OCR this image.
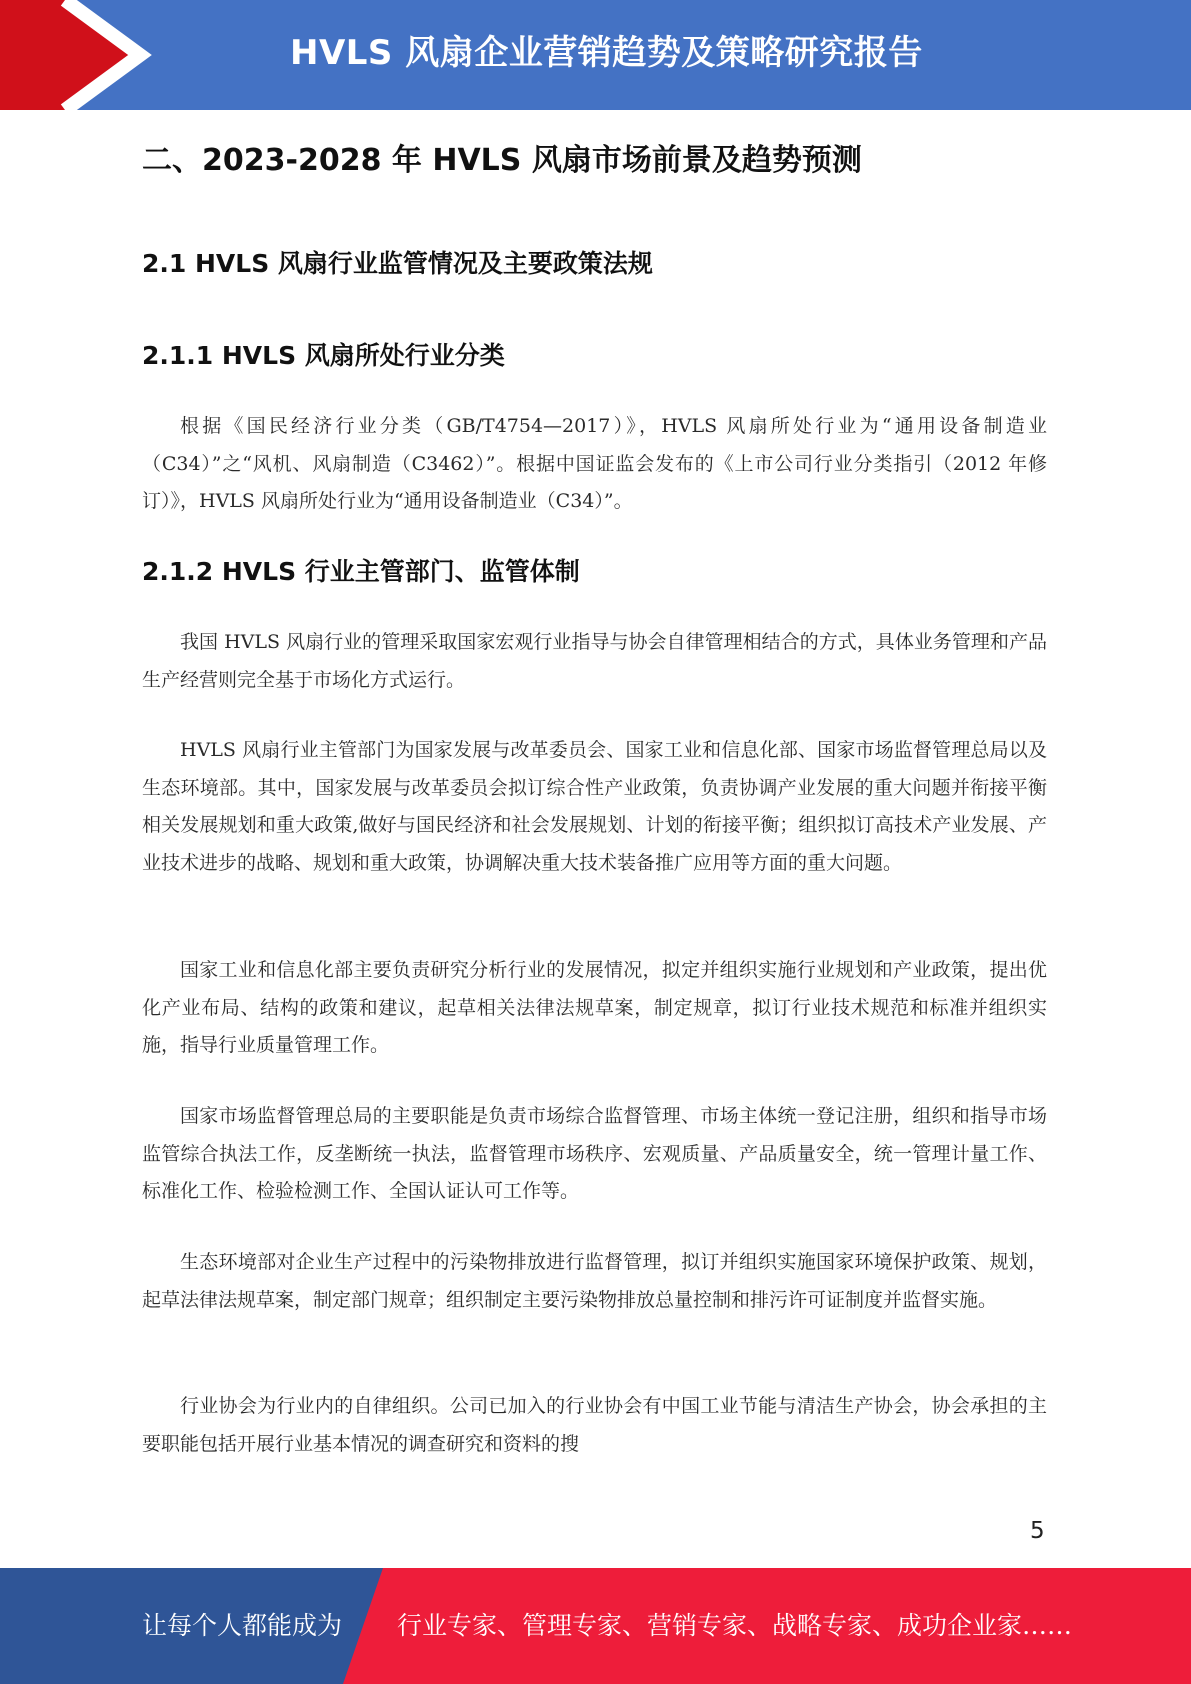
HVLS 风扇企业营销趋势及策略研究报告
二、2023-2028 年 HVLS 风扇市场前景及趋势预测
2.1 HVLS 风扇行业监管情况及主要政策法规
2.1.1 HVLS 风扇所处行业分类

根据《国民经济行业分类（GB/T4754—2017）》，HVLS 风扇所处行业为“通用设备制造业（C34）”之“风机、风扇制造（C3462）”。根据中国证监会发布的《上市公司行业分类指引（2012 年修订）》，HVLS 风扇所处行业为“通用设备制造业（C34）”。

2.1.2 HVLS 行业主管部门、监管体制

我国 HVLS 风扇行业的管理采取国家宏观行业指导与协会自律管理相结合的方式，具体业务管理和产品生产经营则完全基于市场化方式运行。

HVLS 风扇行业主管部门为国家发展与改革委员会、国家工业和信息化部、国家市场监督管理总局以及生态环境部。其中，国家发展与改革委员会拟订综合性产业政策，负责协调产业发展的重大问题并衔接平衡相关发展规划和重大政策,做好与国民经济和社会发展规划、计划的衔接平衡；组织拟订高技术产业发展、产业技术进步的战略、规划和重大政策，协调解决重大技术装备推广应用等方面的重大问题。

国家工业和信息化部主要负责研究分析行业的发展情况，拟定并组织实施行业规划和产业政策，提出优化产业布局、结构的政策和建议，起草相关法律法规草案，制定规章，拟订行业技术规范和标准并组织实施，指导行业质量管理工作。

国家市场监督管理总局的主要职能是负责市场综合监督管理、市场主体统一登记注册，组织和指导市场监管综合执法工作，反垄断统一执法，监督管理市场秩序、宏观质量、产品质量安全，统一管理计量工作、标准化工作、检验检测工作、全国认证认可工作等。

生态环境部对企业生产过程中的污染物排放进行监督管理，拟订并组织实施国家环境保护政策、规划，起草法律法规草案，制定部门规章；组织制定主要污染物排放总量控制和排污许可证制度并监督实施。

行业协会为行业内的自律组织。公司已加入的行业协会有中国工业节能与清洁生产协会，协会承担的主要职能包括开展行业基本情况的调查研究和资料的搜

5
让每个人都能成为 行业专家、管理专家、营销专家、战略专家、成功企业家……
